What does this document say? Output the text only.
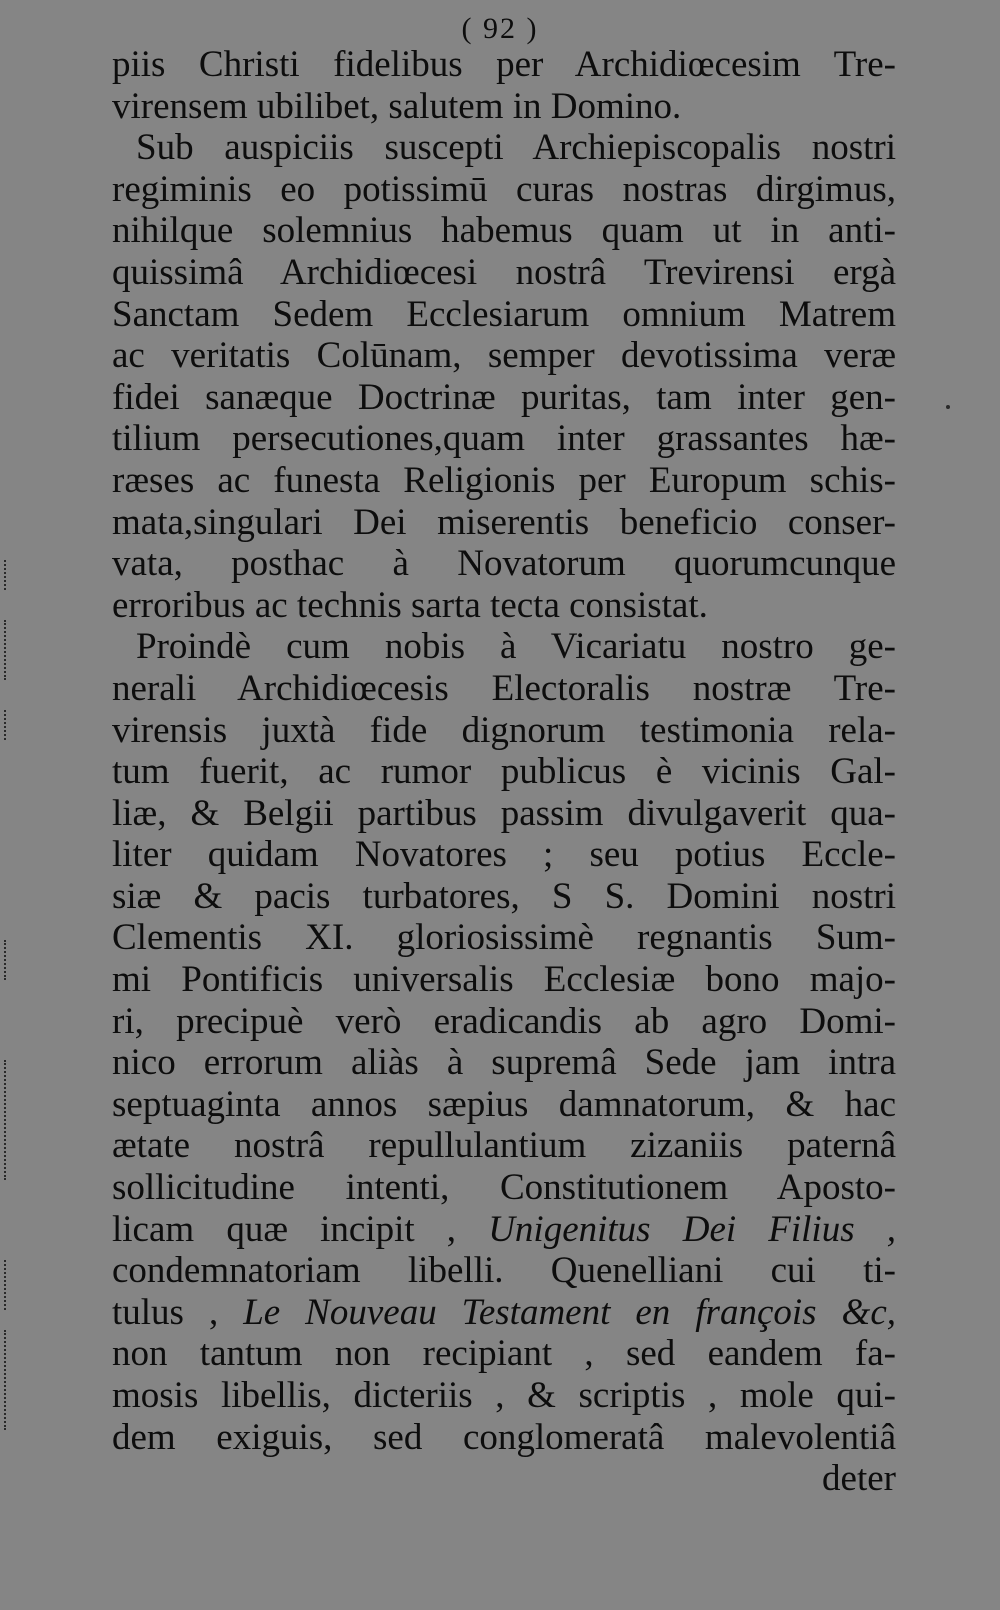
( 92 )
piis Christi fidelibus per Archidiœcesim Tre-
virensem ubilibet, salutem in Domino.
Sub auspiciis suscepti Archiepiscopalis nostri
regiminis eo potissimū curas nostras dirgimus,
nihilque solemnius habemus quam ut in anti-
quissimâ Archidiœcesi nostrâ Trevirensi ergà
Sanctam Sedem Ecclesiarum omnium Matrem
ac veritatis Colūnam, semper devotissima veræ
fidei sanæque Doctrinæ puritas, tam inter gen-
tilium persecutiones,quam inter grassantes hæ-
ræses ac funesta Religionis per Europum schis-
mata,singulari Dei miserentis beneficio conser-
vata, posthac à Novatorum quorumcunque
erroribus ac technis sarta tecta consistat.
Proindè cum nobis à Vicariatu nostro ge-
nerali Archidiœcesis Electoralis nostræ Tre-
virensis juxtà fide dignorum testimonia rela-
tum fuerit, ac rumor publicus è vicinis Gal-
liæ, & Belgii partibus passim divulgaverit qua-
liter quidam Novatores ; seu potius Eccle-
siæ & pacis turbatores, S S. Domini nostri
Clementis XI. gloriosissimè regnantis Sum-
mi Pontificis universalis Ecclesiæ bono majo-
ri, precipuè verò eradicandis ab agro Domi-
nico errorum aliàs à supremâ Sede jam intra
septuaginta annos sæpius damnatorum, & hac
ætate nostrâ repullulantium zizaniis paternâ
sollicitudine intenti, Constitutionem Aposto-
licam quæ incipit , Unigenitus Dei Filius ,
condemnatoriam libelli. Quenelliani cui ti-
tulus , Le Nouveau Testament en françois &c,
non tantum non recipiant , sed eandem fa-
mosis libellis, dicteriis , & scriptis , mole qui-
dem exiguis, sed conglomeratâ malevolentiâ
deter
